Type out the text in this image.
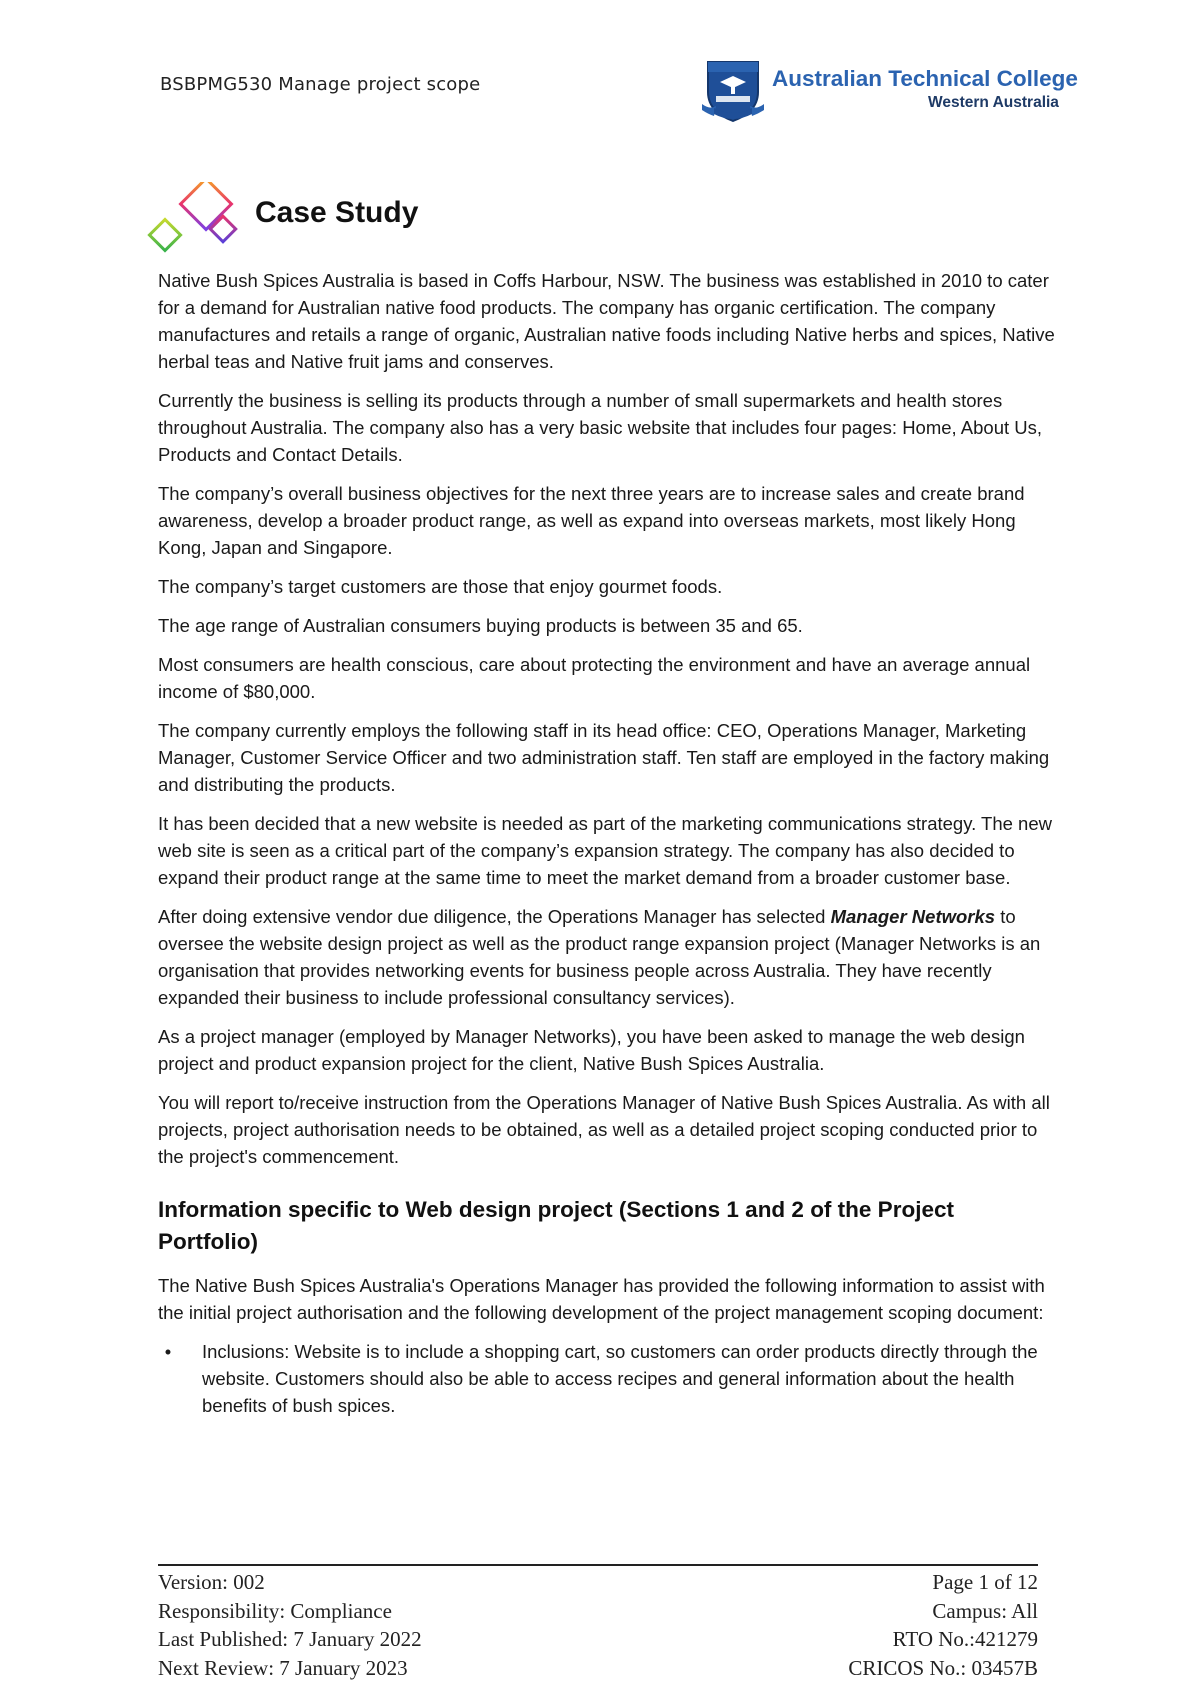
BSBPMG530 Manage project scope	Australian Technical College
Western Australia
Case Study

Native Bush Spices Australia is based in Coffs Harbour, NSW. The business was established in 2010 to cater for a demand for Australian native food products. The company has organic certification. The company manufactures and retails a range of organic, Australian native foods including Native herbs and spices, Native herbal teas and Native fruit jams and conserves.

Currently the business is selling its products through a number of small supermarkets and health stores throughout Australia. The company also has a very basic website that includes four pages: Home, About Us, Products and Contact Details.

The company’s overall business objectives for the next three years are to increase sales and create brand awareness, develop a broader product range, as well as expand into overseas markets, most likely Hong Kong, Japan and Singapore.

The company’s target customers are those that enjoy gourmet foods.

The age range of Australian consumers buying products is between 35 and 65.

Most consumers are health conscious, care about protecting the environment and have an average annual income of $80,000.

The company currently employs the following staff in its head office: CEO, Operations Manager, Marketing Manager, Customer Service Officer and two administration staff. Ten staff are employed in the factory making and distributing the products.

It has been decided that a new website is needed as part of the marketing communications strategy. The new web site is seen as a critical part of the company’s expansion strategy. The company has also decided to expand their product range at the same time to meet the market demand from a broader customer base.

After doing extensive vendor due diligence, the Operations Manager has selected Manager Networks to oversee the website design project as well as the product range expansion project (Manager Networks is an organisation that provides networking events for business people across Australia. They have recently expanded their business to include professional consultancy services).

As a project manager (employed by Manager Networks), you have been asked to manage the web design project and product expansion project for the client, Native Bush Spices Australia.

You will report to/receive instruction from the Operations Manager of Native Bush Spices Australia. As with all projects, project authorisation needs to be obtained, as well as a detailed project scoping conducted prior to the project's commencement.

Information specific to Web design project (Sections 1 and 2 of the Project Portfolio)

The Native Bush Spices Australia's Operations Manager has provided the following information to assist with the initial project authorisation and the following development of the project management scoping document:

•	Inclusions: Website is to include a shopping cart, so customers can order products directly through the website. Customers should also be able to access recipes and general information about the health benefits of bush spices.
Version: 002	Page 1 of 12
Responsibility: Compliance	Campus: All
Last Published: 7 January 2022	RTO No.:421279
Next Review: 7 January 2023	CRICOS No.: 03457B
